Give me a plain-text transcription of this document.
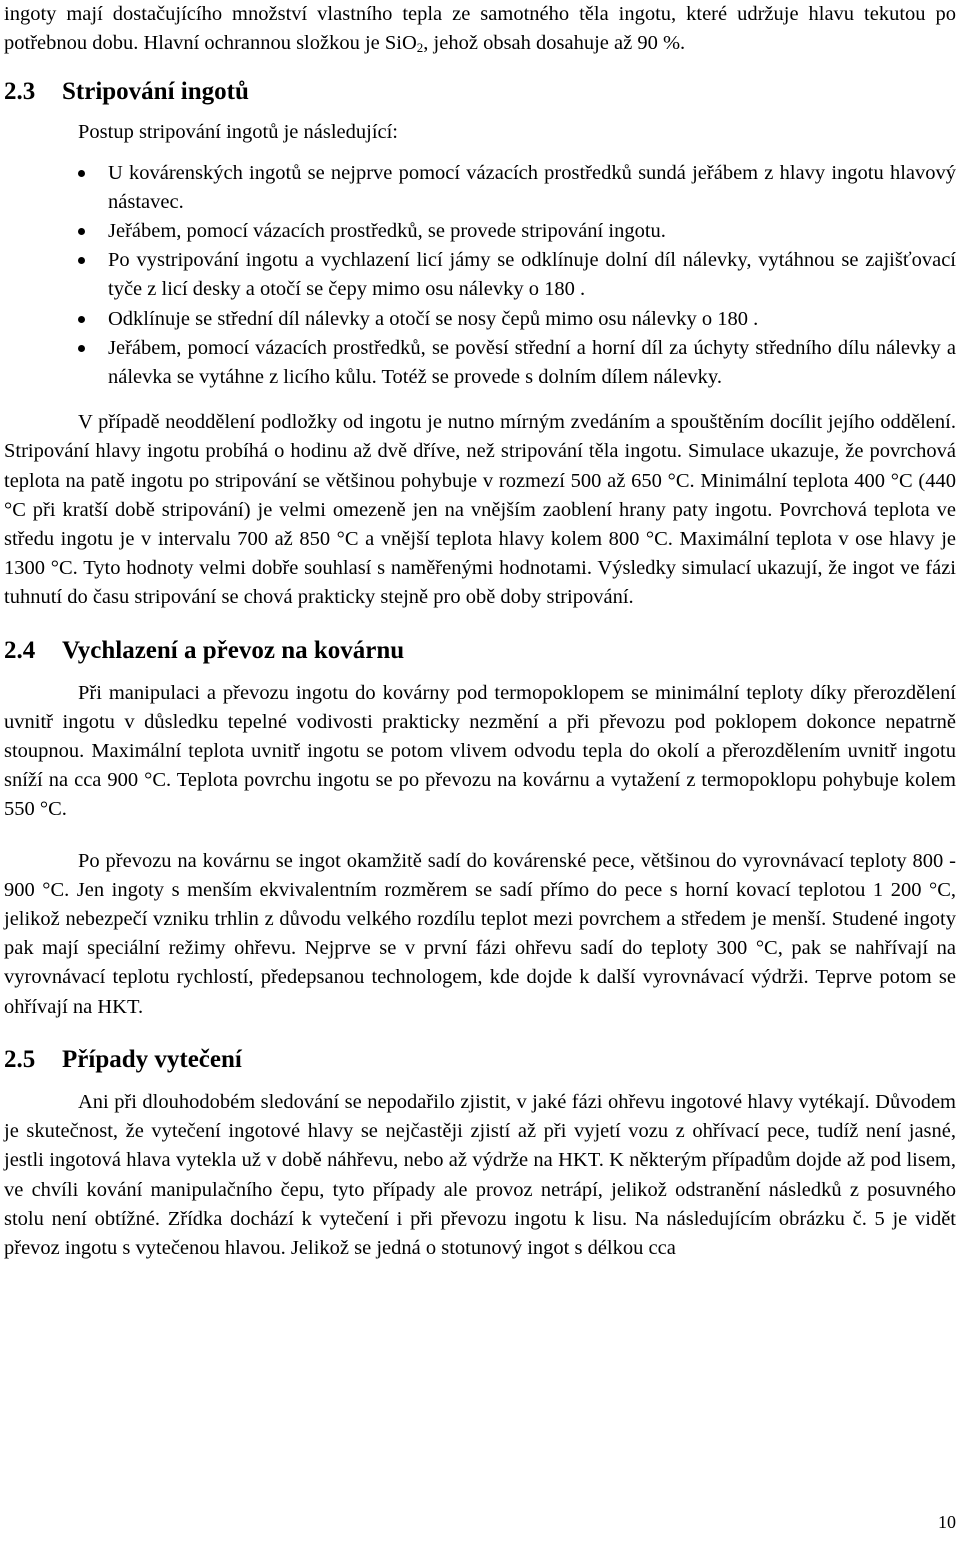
ingoty mají dostačujícího množství vlastního tepla ze samotného těla ingotu, které udržuje hlavu tekutou po potřebnou dobu. Hlavní ochrannou složkou je SiO$_2$, jehož obsah dosahuje až 90 %.

2.3	Stripování ingotů

Postup stripování ingotů je následující:

U kovárenských ingotů se nejprve pomocí vázacích prostředků sundá jeřábem z hlavy ingotu hlavový nástavec.
Jeřábem, pomocí vázacích prostředků, se provede stripování ingotu.
Po vystripování ingotu a vychlazení licí jámy se odklínuje dolní díl nálevky, vytáhnou se zajišťovací tyče z licí desky a otočí se čepy mimo osu nálevky o 180 .
Odklínuje se střední díl nálevky a otočí se nosy čepů mimo osu nálevky o 180 .
Jeřábem, pomocí vázacích prostředků, se pověsí střední a horní díl za úchyty středního dílu nálevky a nálevka se vytáhne z licího kůlu. Totéž se provede s dolním dílem nálevky.

V případě neoddělení podložky od ingotu je nutno mírným zvedáním a spouštěním docílit jejího oddělení. Stripování hlavy ingotu probíhá o hodinu až dvě dříve, než stripování těla ingotu. Simulace ukazuje, že povrchová teplota na patě ingotu po stripování se většinou pohybuje v rozmezí 500 až 650 °C. Minimální teplota 400 °C (440 °C při kratší době stripování) je velmi omezeně jen na vnějším zaoblení hrany paty ingotu. Povrchová teplota ve středu ingotu je v intervalu 700 až 850 °C a vnější teplota hlavy kolem 800 °C. Maximální teplota v ose hlavy je 1300 °C. Tyto hodnoty velmi dobře souhlasí s naměřenými hodnotami. Výsledky simulací ukazují, že ingot ve fázi tuhnutí do času stripování se chová prakticky stejně pro obě doby stripování.

2.4	Vychlazení a převoz na kovárnu

Při manipulaci a převozu ingotu do kovárny pod termopoklopem se minimální teploty díky přerozdělení uvnitř ingotu v důsledku tepelné vodivosti prakticky nezmění a při převozu pod poklopem dokonce nepatrně stoupnou. Maximální teplota uvnitř ingotu se potom vlivem odvodu tepla do okolí a přerozdělením uvnitř ingotu sníží na cca 900 °C. Teplota povrchu ingotu se po převozu na kovárnu a vytažení z termopoklopu pohybuje kolem 550 °C.

Po převozu na kovárnu se ingot okamžitě sadí do kovárenské pece, většinou do vyrovnávací teploty 800 - 900 °C. Jen ingoty s menším ekvivalentním rozměrem se sadí přímo do pece s horní kovací teplotou 1 200 °C, jelikož nebezpečí vzniku trhlin z důvodu velkého rozdílu teplot mezi povrchem a středem je menší. Studené ingoty pak mají speciální režimy ohřevu. Nejprve se v první fázi ohřevu sadí do teploty 300 °C, pak se nahřívají na vyrovnávací teplotu rychlostí, předepsanou technologem, kde dojde k další vyrovnávací výdrži. Teprve potom se ohřívají na HKT.

2.5	Případy vytečení

Ani při dlouhodobém sledování se nepodařilo zjistit, v jaké fázi ohřevu ingotové hlavy vytékají. Důvodem je skutečnost, že vytečení ingotové hlavy se nejčastěji zjistí až při vyjetí vozu z ohřívací pece, tudíž není jasné, jestli ingotová hlava vytekla už v době náhřevu, nebo až výdrže na HKT. K některým případům dojde až pod lisem, ve chvíli kování manipulačního čepu, tyto případy ale provoz netrápí, jelikož odstranění následků z posuvného stolu není obtížné. Zřídka dochází k vytečení i při převozu ingotu k lisu. Na následujícím obrázku č. 5 je vidět převoz ingotu s vytečenou hlavou. Jelikož se jedná o stotunový ingot s délkou cca

10
